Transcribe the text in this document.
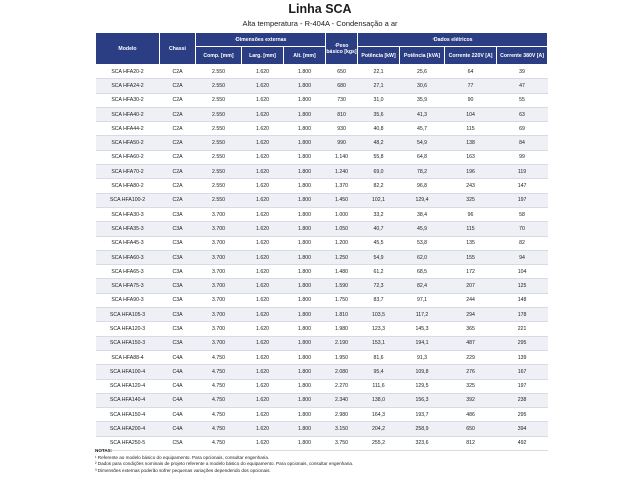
Linha SCA
Alta temperatura - R-404A - Condensação a ar
Modelo	Chassi	$^{^1}$Dimensões externas			$^{^1}$Peso básico [kgs]	$^{^2}$Dados elétricos			
		Comp. [mm]	Larg. [mm]	Alt. [mm]		Potência [kW]	Potência [kVA]	Corrente 220V [A]	Corrente 380V [A]
SCA HFA20-2	C2A	2.550	1.620	1.800	650	22,1	25,6	64	39
SCA HFA24-2	C2A	2.550	1.620	1.800	680	27,1	30,6	77	47
SCA HFA30-2	C2A	2.550	1.620	1.800	730	31,0	35,9	90	55
SCA HFA40-2	C2A	2.550	1.620	1.800	810	35,6	41,3	104	63
SCA HFA44-2	C2A	2.550	1.620	1.800	930	40,8	45,7	115	69
SCA HFA50-2	C2A	2.550	1.620	1.800	990	48,2	54,9	138	84
SCA HFA60-2	C2A	2.550	1.620	1.800	1.140	55,8	64,8	163	99
SCA HFA70-2	C2A	2.550	1.620	1.800	1.240	69,0	78,2	196	119
SCA HFA80-2	C2A	2.550	1.620	1.800	1.370	82,2	96,8	243	147
SCA HFA100-2	C2A	2.550	1.620	1.800	1.450	102,1	129,4	325	197
SCA HFA30-3	C3A	3.700	1.620	1.800	1.000	33,2	38,4	96	58
SCA HFA35-3	C3A	3.700	1.620	1.800	1.050	40,7	45,9	115	70
SCA HFA45-3	C3A	3.700	1.620	1.800	1.200	45,5	53,8	135	82
SCA HFA60-3	C3A	3.700	1.620	1.800	1.250	54,9	62,0	155	94
SCA HFA65-3	C3A	3.700	1.620	1.800	1.480	61,2	68,5	172	104
SCA HFA75-3	C3A	3.700	1.620	1.800	1.590	72,3	82,4	207	125
SCA HFA90-3	C3A	3.700	1.620	1.800	1.750	83,7	97,1	244	148
SCA HFA105-3	C3A	3.700	1.620	1.800	1.810	103,5	117,2	294	178
SCA HFA120-3	C3A	3.700	1.620	1.800	1.980	123,3	145,3	365	221
SCA HFA150-3	C3A	3.700	1.620	1.800	2.190	153,1	194,1	487	295
SCA HFA88-4	C4A	4.750	1.620	1.800	1.950	81,6	91,3	229	139
SCA HFA100-4	C4A	4.750	1.620	1.800	2.080	95,4	109,8	276	167
SCA HFA120-4	C4A	4.750	1.620	1.800	2.270	111,6	129,5	325	197
SCA HFA140-4	C4A	4.750	1.620	1.800	2.340	138,0	156,3	392	238
SCA HFA150-4	C4A	4.750	1.620	1.800	2.980	164,3	193,7	486	295
SCA HFA200-4	C4A	4.750	1.620	1.800	3.150	204,2	258,9	650	394
SCA HFA250-5	C5A	4.750	1.620	1.800	3.750	255,2	323,6	812	492
NOTAS:
¹ Referente ao modelo básico do equipamento. Para opcionais, consultar engenharia.
² Dados para condições nominais de projeto referente a modelo básico do equipamento. Para opcionais, consultar engenharia.
³ Dimensões externas poderão sofrer pequenas variações dependendo dos opcionais.
